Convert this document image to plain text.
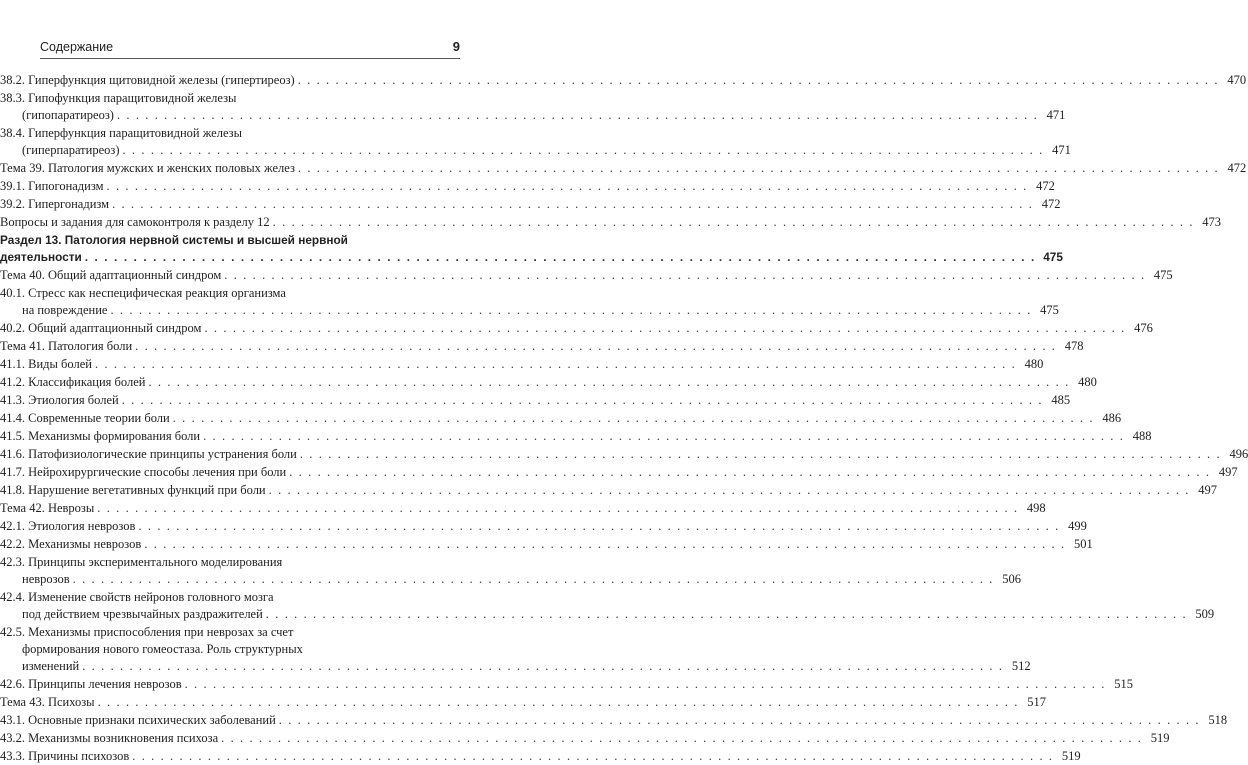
Содержание	9
38.2. Гиперфункция щитовидной железы (гипертиреоз) . . .	470
38.3. Гипофункция паращитовидной железы
(гипопаратиреоз) . . .	471
38.4. Гиперфункция паращитовидной железы
(гиперпаратиреоз) . . .	471
Тема 39. Патология мужских и женских половых желез . . .	472
39.1. Гипогонадизм . . .	472
39.2. Гипергонадизм . . .	472
Вопросы и задания для самоконтроля к разделу 12 . . .	473
Раздел 13. Патология нервной системы и высшей нервной
деятельности . . .	475
Тема 40. Общий адаптационный синдром . . .	475
40.1. Стресс как неспецифическая реакция организма
на повреждение . . .	475
40.2. Общий адаптационный синдром . . .	476
Тема 41. Патология боли . . .	478
41.1. Виды болей . . .	480
41.2. Классификация болей . . .	480
41.3. Этиология болей . . .	485
41.4. Современные теории боли . . .	486
41.5. Механизмы формирования боли . . .	488
41.6. Патофизиологические принципы устранения боли . . .	496
41.7. Нейрохирургические способы лечения при боли . . .	497
41.8. Нарушение вегетативных функций при боли . . .	497
Тема 42. Неврозы . . .	498
42.1. Этиология неврозов . . .	499
42.2. Механизмы неврозов . . .	501
42.3. Принципы экспериментального моделирования
неврозов . . .	506
42.4. Изменение свойств нейронов головного мозга
под действием чрезвычайных раздражителей . . .	509
42.5. Механизмы приспособления при неврозах за счет
формирования нового гомеостаза. Роль структурных
изменений . . .	512
42.6. Принципы лечения неврозов . . .	515
Тема 43. Психозы . . .	517
43.1. Основные признаки психических заболеваний . . .	518
43.2. Механизмы возникновения психоза . . .	519
43.3. Причины психозов . . .	519
